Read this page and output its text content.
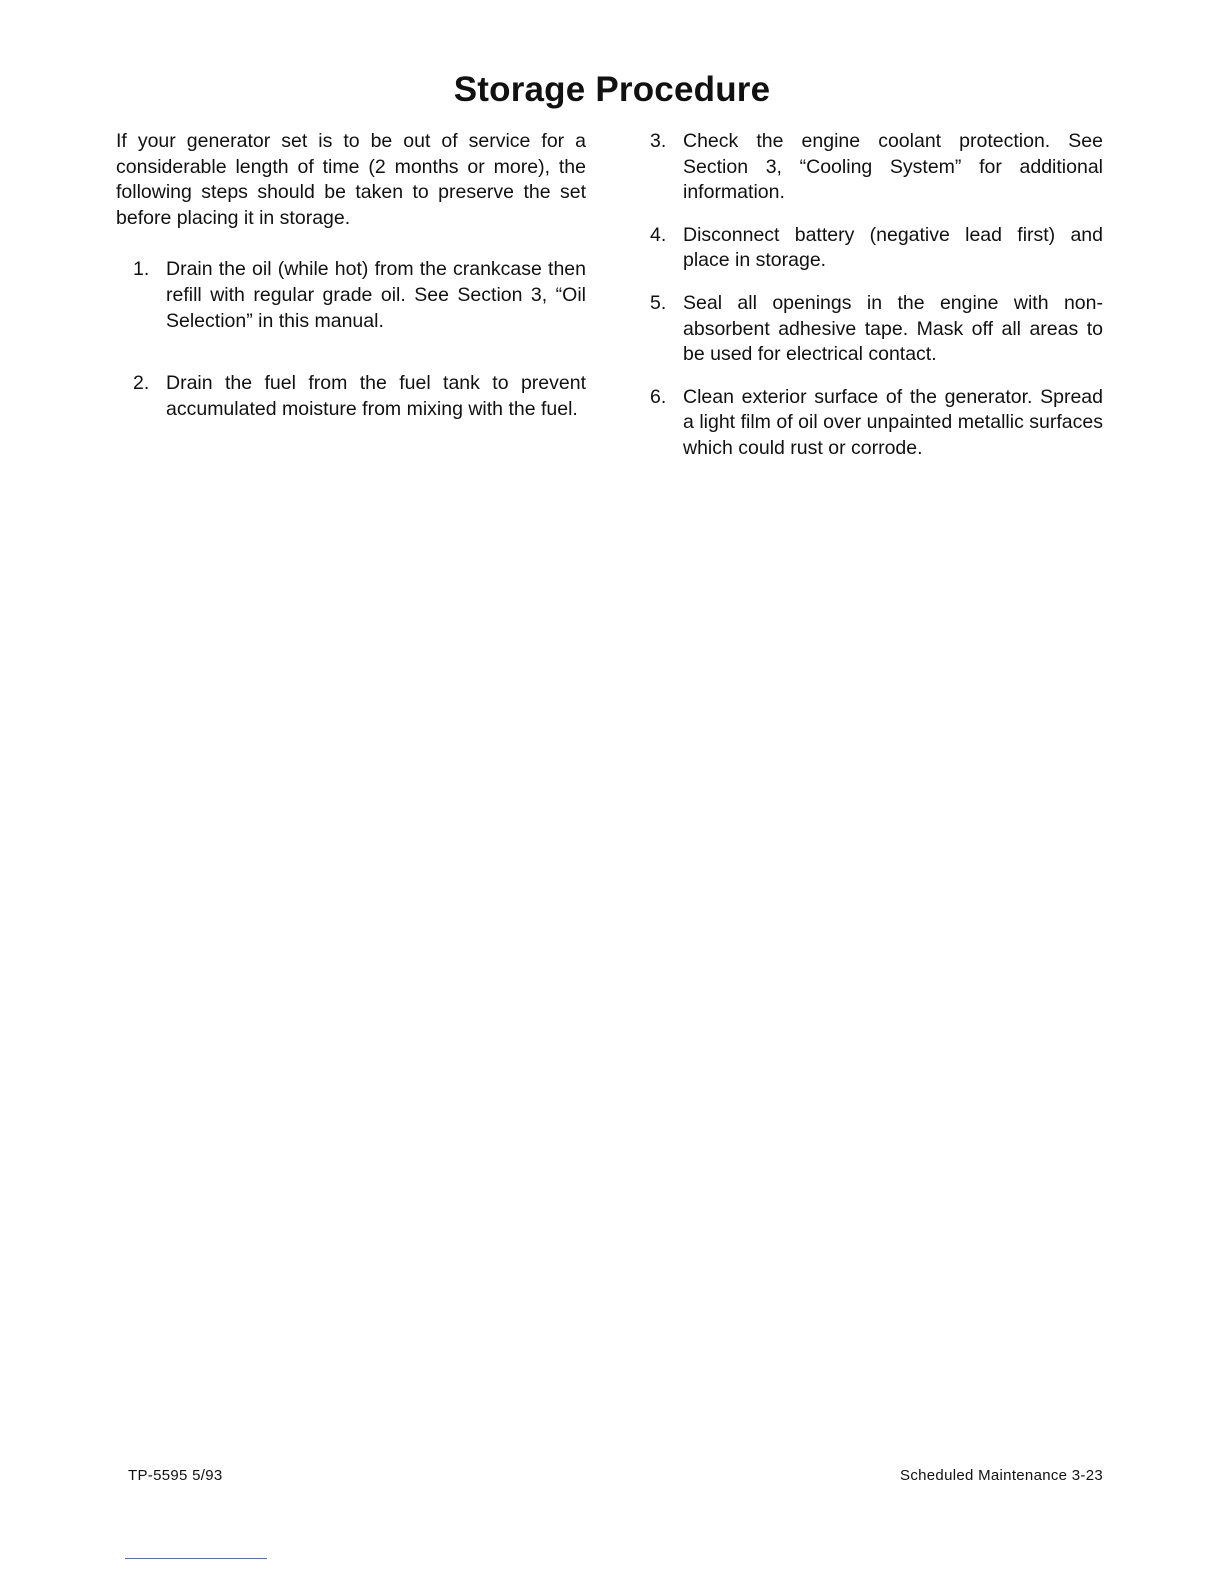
Storage Procedure

If your generator set is to be out of service for a considerable length of time (2 months or more), the following steps should be taken to preserve the set before placing it in storage.

1. Drain the oil (while hot) from the crankcase then refill with regular grade oil. See Section 3, “Oil Selection” in this manual.
2. Drain the fuel from the fuel tank to prevent accumulated moisture from mixing with the fuel.
3. Check the engine coolant protection. See Section 3, “Cooling System” for additional information.
4. Disconnect battery (negative lead first) and place in storage.
5. Seal all openings in the engine with non-absorbent adhesive tape. Mask off all areas to be used for electrical contact.
6. Clean exterior surface of the generator. Spread a light film of oil over unpainted metallic surfaces which could rust or corrode.
TP-5595 5/93	Scheduled Maintenance 3-23
